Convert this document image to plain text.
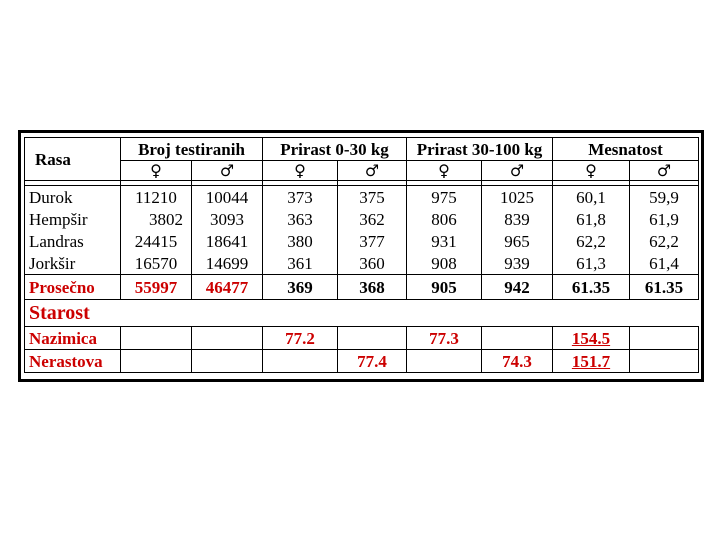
Rasa	Broj testiranih		Prirast 0-30 kg		Prirast 30-100 kg		Mesnatost	
	♀	♂	♀	♂	♀	♂	♀	♂

Durok	11210	10044	373	375	975	1025	60,1	59,9
Hempšir	3802	3093	363	362	806	839	61,8	61,9
Landras	24415	18641	380	377	931	965	62,2	62,2
Jorkšir	16570	14699	361	360	908	939	61,3	61,4
Prosečno	55997	46477	369	368	905	942	61.35	61.35
Starost								
Nazimica			77.2		77.3		154.5	
Nerastova				77.4		74.3	151.7	
